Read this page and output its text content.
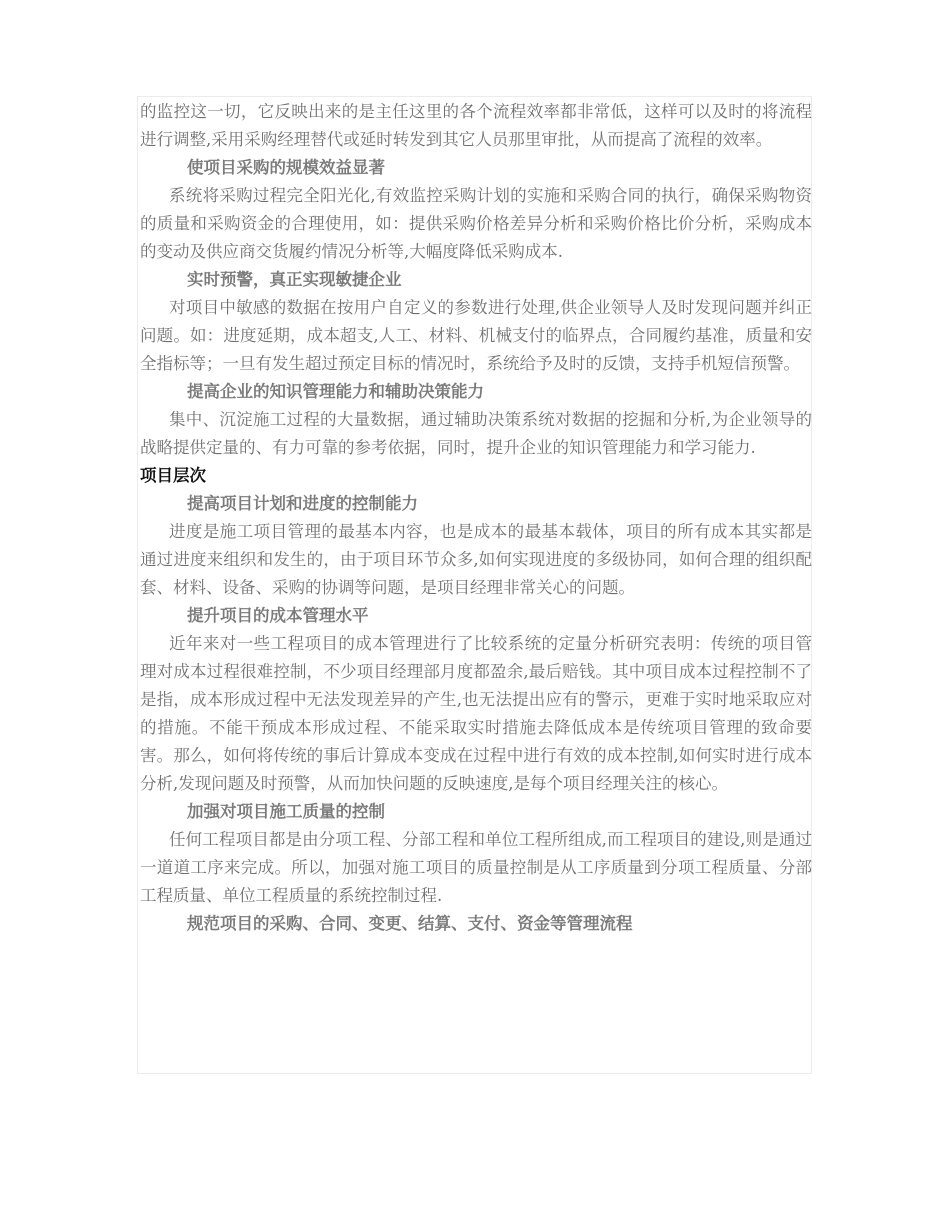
的监控这一切，它反映出来的是主任这里的各个流程效率都非常低，这样可以及时的将流程进行调整,采用采购经理替代或延时转发到其它人员那里审批，从而提高了流程的效率。

使项目采购的规模效益显著

系统将采购过程完全阳光化,有效监控采购计划的实施和采购合同的执行，确保采购物资的质量和采购资金的合理使用，如：提供采购价格差异分析和采购价格比价分析，采购成本的变动及供应商交货履约情况分析等,大幅度降低采购成本.

实时预警，真正实现敏捷企业

对项目中敏感的数据在按用户自定义的参数进行处理,供企业领导人及时发现问题并纠正问题。如：进度延期，成本超支,人工、材料、机械支付的临界点，合同履约基准，质量和安全指标等；一旦有发生超过预定目标的情况时，系统给予及时的反馈，支持手机短信预警。

提高企业的知识管理能力和辅助决策能力

集中、沉淀施工过程的大量数据，通过辅助决策系统对数据的挖掘和分析,为企业领导的战略提供定量的、有力可靠的参考依据，同时，提升企业的知识管理能力和学习能力.

项目层次

提高项目计划和进度的控制能力

进度是施工项目管理的最基本内容，也是成本的最基本载体，项目的所有成本其实都是通过进度来组织和发生的，由于项目环节众多,如何实现进度的多级协同，如何合理的组织配套、材料、设备、采购的协调等问题，是项目经理非常关心的问题。

提升项目的成本管理水平

近年来对一些工程项目的成本管理进行了比较系统的定量分析研究表明：传统的项目管理对成本过程很难控制，不少项目经理部月度都盈余,最后赔钱。其中项目成本过程控制不了是指，成本形成过程中无法发现差异的产生,也无法提出应有的警示，更难于实时地采取应对的措施。不能干预成本形成过程、不能采取实时措施去降低成本是传统项目管理的致命要害。那么，如何将传统的事后计算成本变成在过程中进行有效的成本控制,如何实时进行成本分析,发现问题及时预警，从而加快问题的反映速度,是每个项目经理关注的核心。

加强对项目施工质量的控制

任何工程项目都是由分项工程、分部工程和单位工程所组成,而工程项目的建设,则是通过一道道工序来完成。所以，加强对施工项目的质量控制是从工序质量到分项工程质量、分部工程质量、单位工程质量的系统控制过程.

规范项目的采购、合同、变更、结算、支付、资金等管理流程
